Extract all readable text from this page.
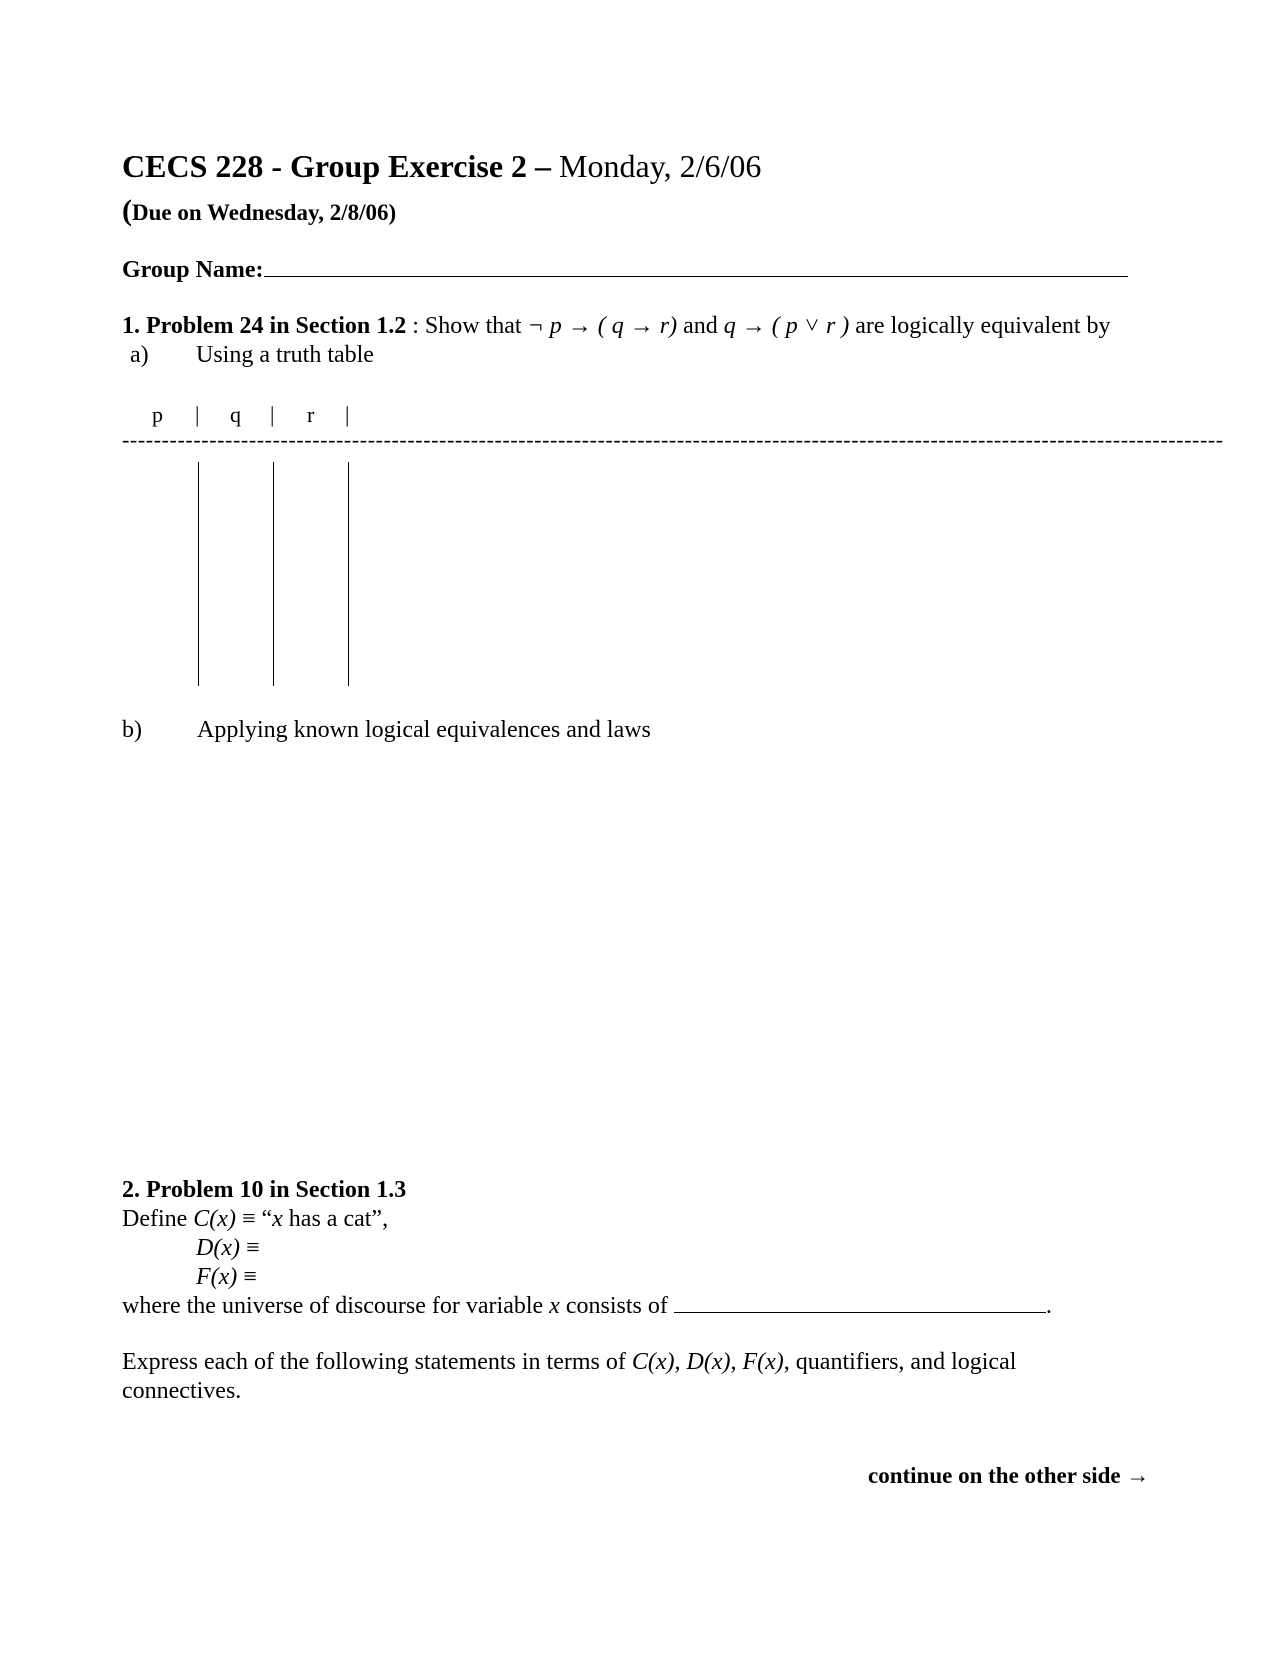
CECS 228 - Group Exercise 2 – Monday, 2/6/06
(Due on Wednesday, 2/8/06)
Group Name:
1. Problem 24 in Section 1.2 : Show that ¬ p → ( q → r) and q → ( p ˅ r ) are logically equivalent by
a) Using a truth table
p | q | r |
-------------------------------------------------------------------------------------------------------------------------------------------
b) Applying known logical equivalences and laws
2. Problem 10 in Section 1.3
Define C(x) ≡ “x has a cat”,
D(x) ≡
F(x) ≡
where the universe of discourse for variable x consists of	.
Express each of the following statements in terms of C(x), D(x), F(x), quantifiers, and logical
connectives.
continue on the other side →
